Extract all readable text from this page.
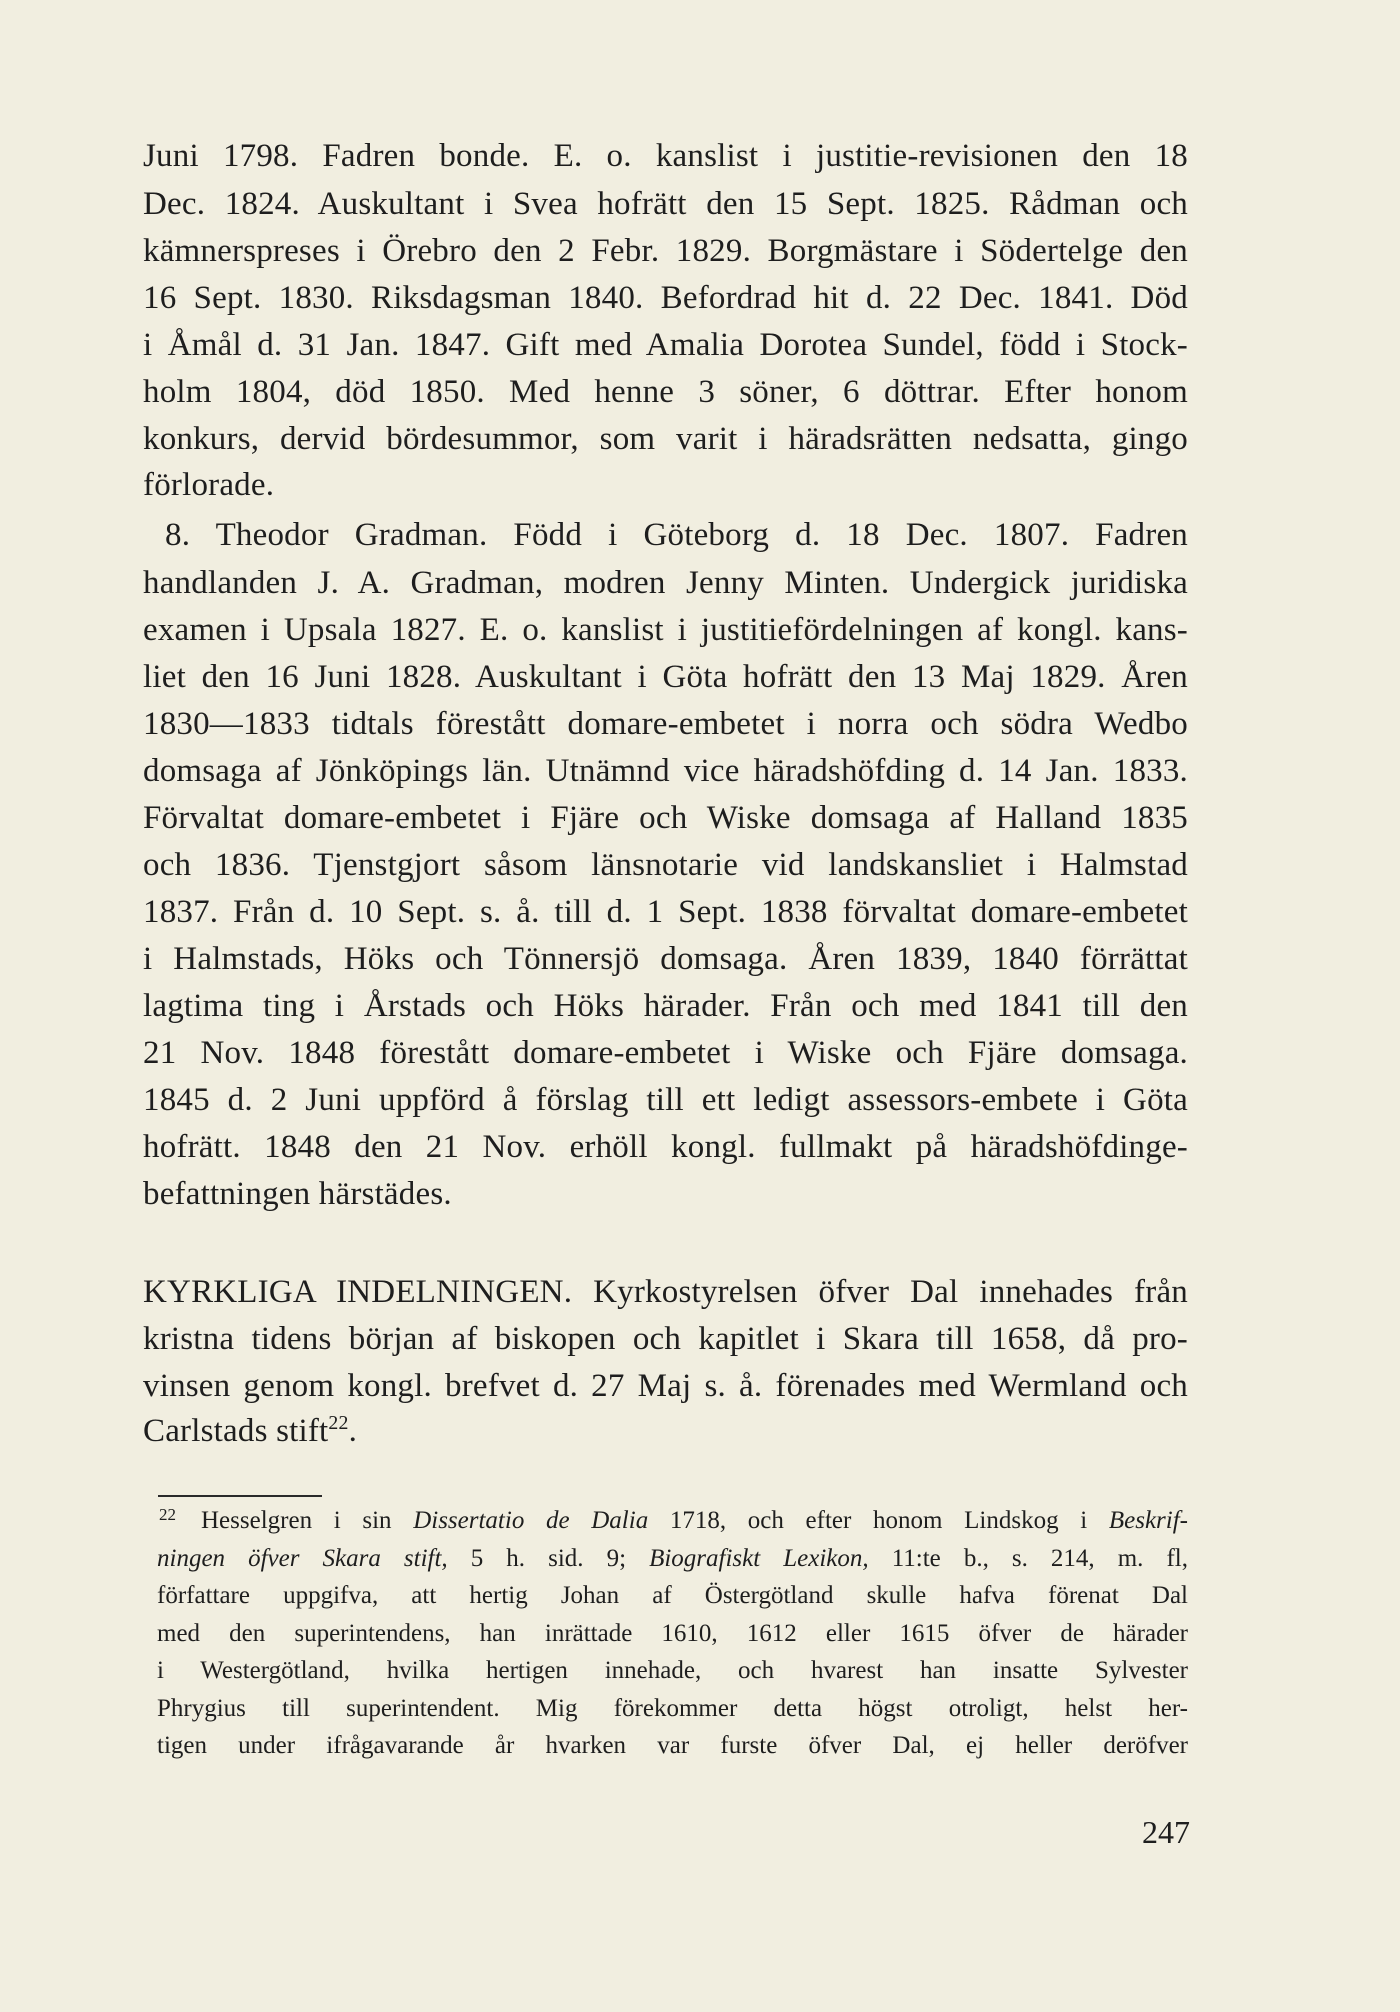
Juni 1798. Fadren bonde. E. o. kanslist i justitie-revisionen den 18
Dec. 1824. Auskultant i Svea hofrätt den 15 Sept. 1825. Rådman och
kämnerspreses i Örebro den 2 Febr. 1829. Borgmästare i Södertelge den
16 Sept. 1830. Riksdagsman 1840. Befordrad hit d. 22 Dec. 1841. Död
i Åmål d. 31 Jan. 1847. Gift med Amalia Dorotea Sundel, född i Stock-
holm 1804, död 1850. Med henne 3 söner, 6 döttrar. Efter honom
konkurs, dervid bördesummor, som varit i häradsrätten nedsatta, gingo
förlorade.
8. Theodor Gradman. Född i Göteborg d. 18 Dec. 1807. Fadren
handlanden J. A. Gradman, modren Jenny Minten. Undergick juridiska
examen i Upsala 1827. E. o. kanslist i justitiefördelningen af kongl. kans-
liet den 16 Juni 1828. Auskultant i Göta hofrätt den 13 Maj 1829. Åren
1830—1833 tidtals förestått domare-embetet i norra och södra Wedbo
domsaga af Jönköpings län. Utnämnd vice häradshöfding d. 14 Jan. 1833.
Förvaltat domare-embetet i Fjäre och Wiske domsaga af Halland 1835
och 1836. Tjenstgjort såsom länsnotarie vid landskansliet i Halmstad
1837. Från d. 10 Sept. s. å. till d. 1 Sept. 1838 förvaltat domare-embetet
i Halmstads, Höks och Tönnersjö domsaga. Åren 1839, 1840 förrättat
lagtima ting i Årstads och Höks härader. Från och med 1841 till den
21 Nov. 1848 förestått domare-embetet i Wiske och Fjäre domsaga.
1845 d. 2 Juni uppförd å förslag till ett ledigt assessors-embete i Göta
hofrätt. 1848 den 21 Nov. erhöll kongl. fullmakt på häradshöfdinge-
befattningen härstädes.
KYRKLIGA INDELNINGEN. Kyrkostyrelsen öfver Dal innehades från
kristna tidens början af biskopen och kapitlet i Skara till 1658, då pro-
vinsen genom kongl. brefvet d. 27 Maj s. å. förenades med Wermland och
Carlstads stift$^{22}$.
22 Hesselgren i sin Dissertatio de Dalia 1718, och efter honom Lindskog i Beskrif-
ningen öfver Skara stift, 5 h. sid. 9; Biografiskt Lexikon, 11:te b., s. 214, m. fl,
författare uppgifva, att hertig Johan af Östergötland skulle hafva förenat Dal
med den superintendens, han inrättade 1610, 1612 eller 1615 öfver de härader
i Westergötland, hvilka hertigen innehade, och hvarest han insatte Sylvester
Phrygius till superintendent. Mig förekommer detta högst otroligt, helst her-
tigen under ifrågavarande år hvarken var furste öfver Dal, ej heller deröfver
247
